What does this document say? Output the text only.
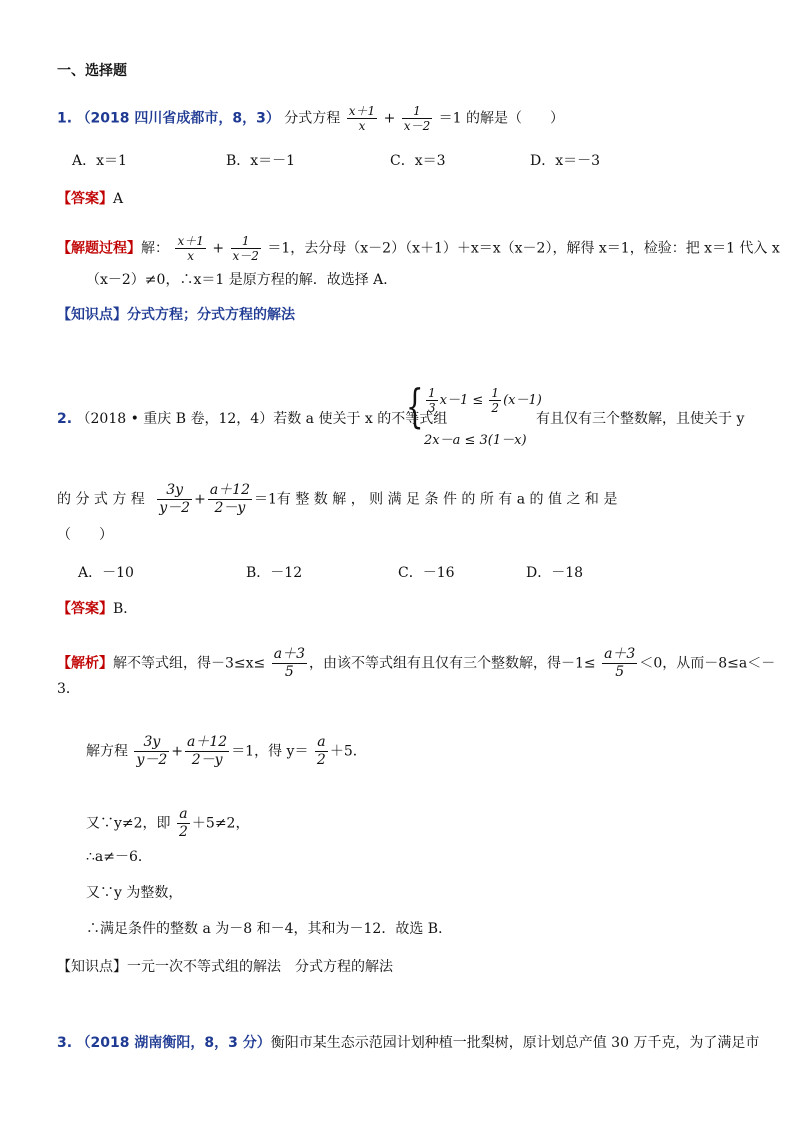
一、选择题
1. （2018 四川省成都市，8，3） 分式方程 $\frac{x+1}{x} + \frac{1}{x-2} =1$ 的解是（　　）
A．x＝1	B．x＝－1	C．x＝3	D．x＝－3
【答案】A
【解题过程】解： $\frac{x+1}{x} + \frac{1}{x-2} =1$，去分母（x－2）（x＋1）＋x＝x（x－2），解得 x＝1，检验：把 x＝1 代入 x
（x－2）≠0，∴x＝1 是原方程的解．故选择 A．
【知识点】分式方程；分式方程的解法
2. （2018 • 重庆 B 卷，12，4）若数 a 使关于 x 的不等式组
{ $\frac{1}{3} x-1 \le \frac{1}{2} (x-1)$
2x－a ≤ 3(1－x)
有且仅有三个整数解，且使关于 y
的 分 式 方 程 $\frac{3y}{y-2} + \frac{a+12}{2-y} =1$有 整 数 解 ， 则 满 足 条 件 的 所 有 a 的 值 之 和 是
（　　）
A．－10	B．－12	C．－16	D．－18
【答案】B．
【解析】解不等式组，得$-3\le x\le \frac{a+3}{5}$ ，由该不等式组有且仅有三个整数解，得$-1\le \frac{a+3}{5} <0$，从而－8≤a＜－
3．
解方程 $\frac{3y}{y-2} + \frac{a+12}{2-y} =1$，得 $y= \frac{a}{2} +5$．
又∵y≠2，即 $\frac{a}{2} +5\ne 2$，
∴a≠－6．
又∵y 为整数，
∴满足条件的整数 a 为－8 和－4，其和为－12．故选 B．
【知识点】一元一次不等式组的解法　分式方程的解法
3. （2018 湖南衡阳，8，3 分）衡阳市某生态示范园计划种植一批梨树，原计划总产值 30 万千克，为了满足市
